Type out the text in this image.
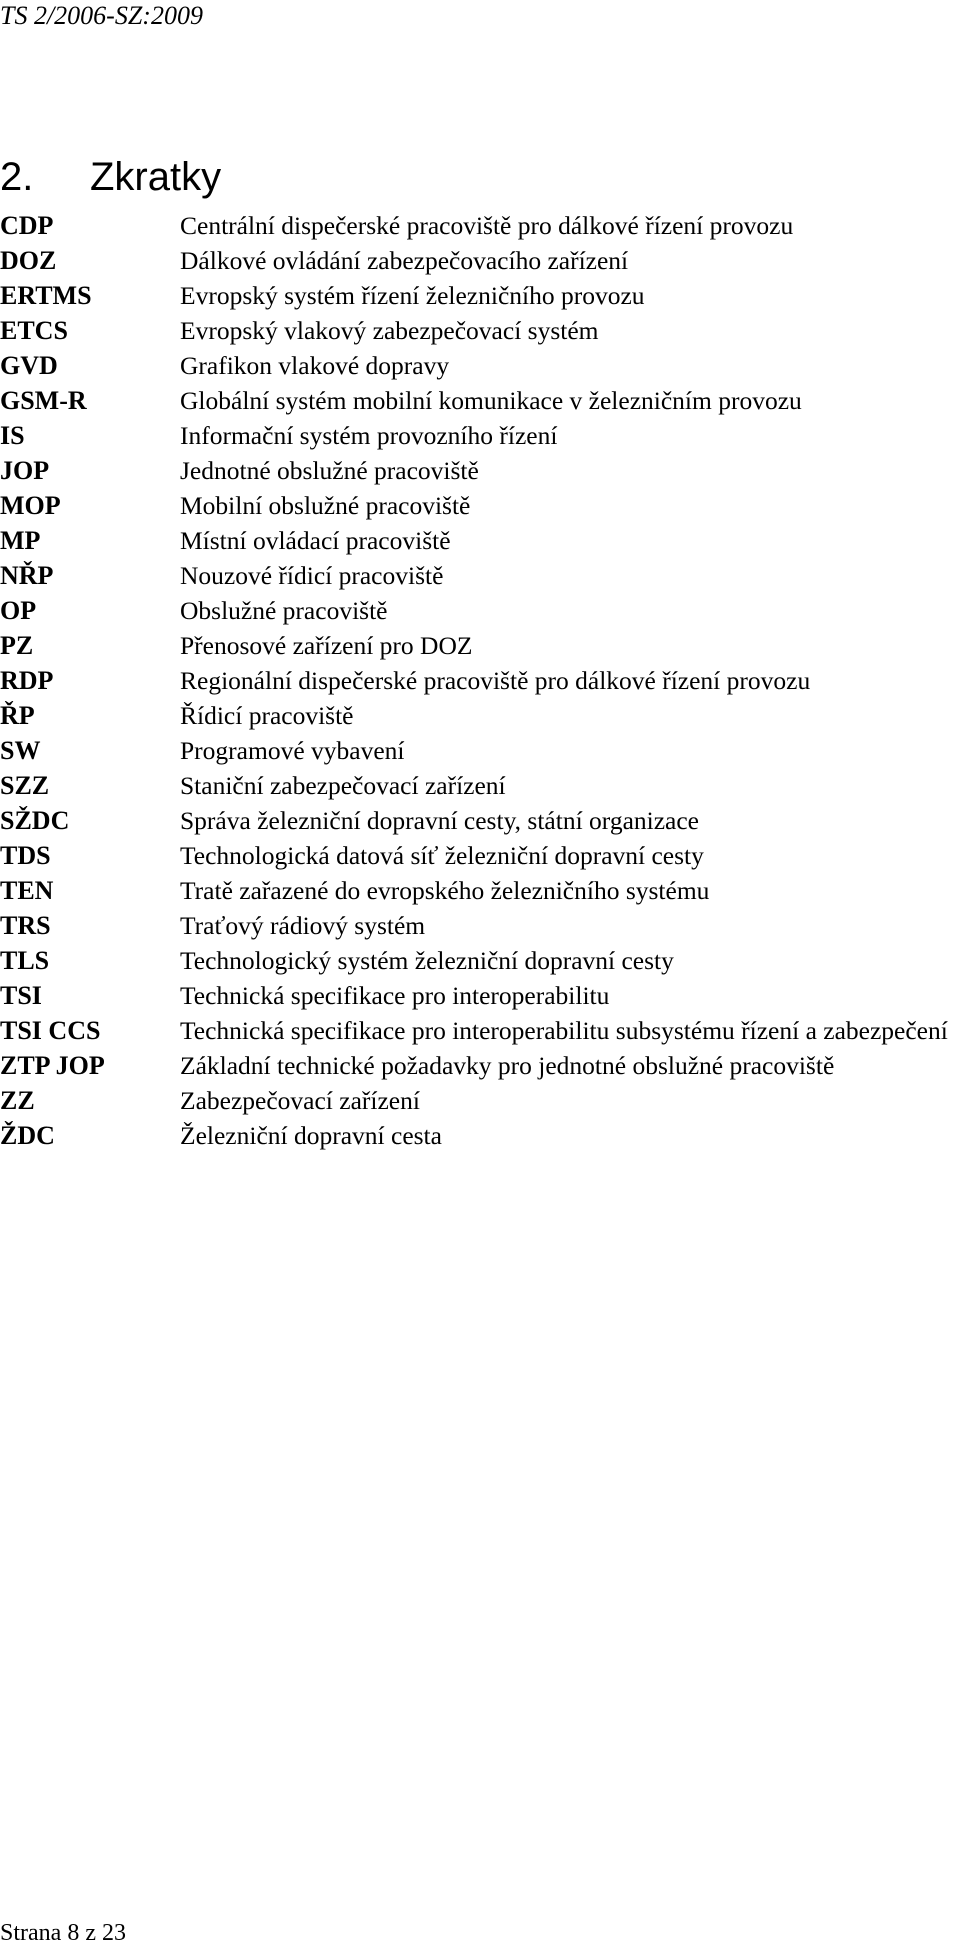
TS 2/2006-SZ:2009
2. Zkratky
CDP	Centrální dispečerské pracoviště pro dálkové řízení provozu
DOZ	Dálkové ovládání zabezpečovacího zařízení
ERTMS	Evropský systém řízení železničního provozu
ETCS	Evropský vlakový zabezpečovací systém
GVD	Grafikon vlakové dopravy
GSM-R	Globální systém mobilní komunikace v železničním provozu
IS	Informační systém provozního řízení
JOP	Jednotné obslužné pracoviště
MOP	Mobilní obslužné pracoviště
MP	Místní ovládací pracoviště
NŘP	Nouzové řídicí pracoviště
OP	Obslužné pracoviště
PZ	Přenosové zařízení pro DOZ
RDP	Regionální dispečerské pracoviště pro dálkové řízení provozu
ŘP	Řídicí pracoviště
SW	Programové vybavení
SZZ	Staniční zabezpečovací zařízení
SŽDC	Správa železniční dopravní cesty, státní organizace
TDS	Technologická datová síť železniční dopravní cesty
TEN	Tratě zařazené do evropského železničního systému
TRS	Traťový rádiový systém
TLS	Technologický systém železniční dopravní cesty
TSI	Technická specifikace pro interoperabilitu
TSI CCS	Technická specifikace pro interoperabilitu subsystému řízení a zabezpečení
ZTP JOP	Základní technické požadavky pro jednotné obslužné pracoviště
ZZ	Zabezpečovací zařízení
ŽDC	Železniční dopravní cesta
Strana 8 z 23
